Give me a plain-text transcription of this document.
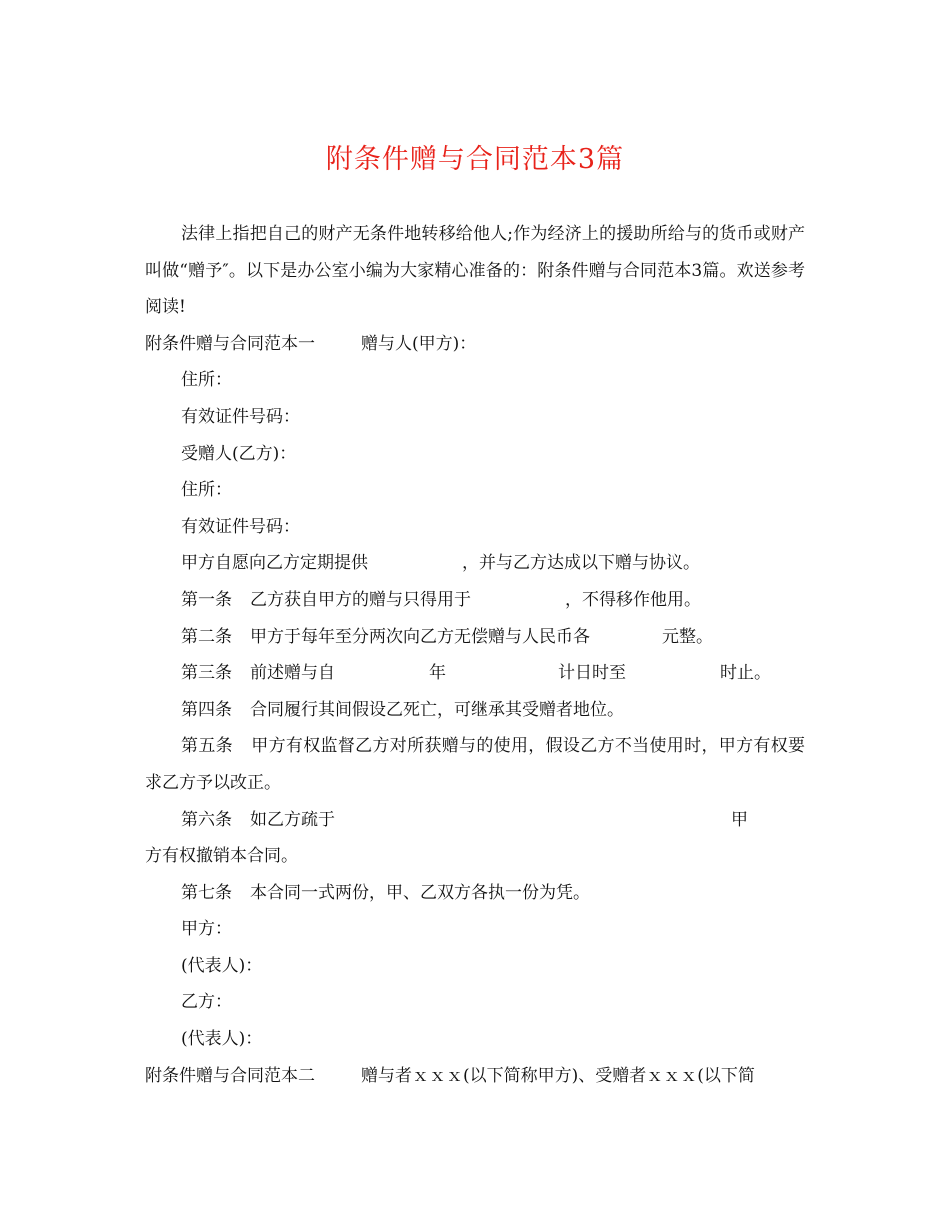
附条件赠与合同范本3篇

法律上指把自己的财产无条件地转移给他人;作为经济上的援助所给与的货币或财产叫做“赠予″。以下是办公室小编为大家精心准备的：附条件赠与合同范本3篇。欢送参考阅读!

附条件赠与合同范本一	赠与人(甲方)：

住所：

有效证件号码：

受赠人(乙方)：

住所：

有效证件号码：

甲方自愿向乙方定期提供	，并与乙方达成以下赠与协议。

第一条 乙方获自甲方的赠与只得用于	，不得移作他用。

第二条 甲方于每年至分两次向乙方无偿赠与人民币各	元整。

第三条 前述赠与自	年	计日时至	时止。

第四条 合同履行其间假设乙死亡，可继承其受赠者地位。

第五条 甲方有权监督乙方对所获赠与的使用，假设乙方不当使用时，甲方有权要求乙方予以改正。

第六条 如乙方疏于	甲

方有权撤销本合同。

第七条 本合同一式两份，甲、乙双方各执一份为凭。

甲方：

(代表人)：

乙方：

(代表人)：

附条件赠与合同范本二	赠与者ｘｘｘ(以下简称甲方)、受赠者ｘｘｘ(以下简
